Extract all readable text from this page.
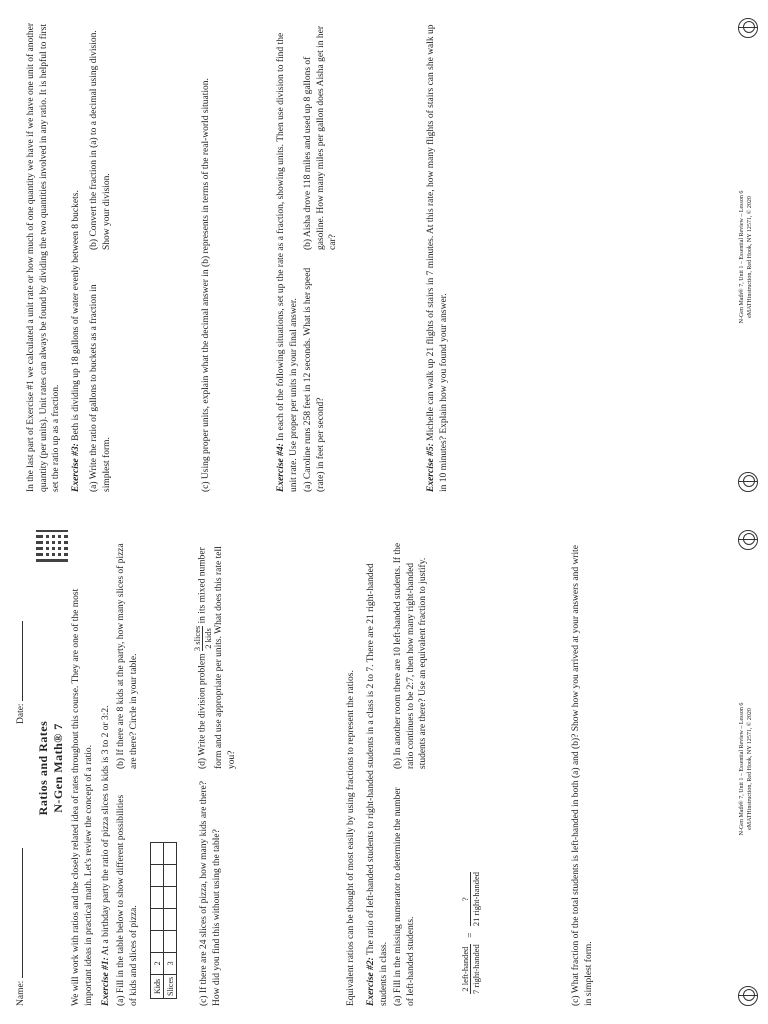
Name:
Date:
Ratios and Rates N-Gen Math® 7 We will work with ratios and the closely related idea of rates throughout this course. They are one of the most important ideas in practical math. Let's review the concept of a ratio. Exercise #1: At a birthday party the ratio of pizza slices to kids is 3 to 2 or 3:2. (a) Fill in the table below to show different possibilities of kids and slices of pizza.
(b) If there are 8 kids at the party, how many slices of pizza are there? Circle in your table.
Kids	2					
Slices	3						(c) If there are 24 slices of pizza, how many kids are there? How did you find this without using the table?
(d) Write the division problem
3 slices 2 kids
in its mixed number form and use appropriate per units. What does this rate tell you?	Equivalent ratios can be thought of most easily by using fractions to represent the ratios. Exercise #2: The ratio of left-handed students to right-handed students in a class is 2 to 7. There are 21 right-handed students in class. (a) Fill in the missing numerator to determine the number of left-handed students.
(b) In another room there are 10 left-handed students. If the ratio continues to be 2:7, then how many right-handed students are there? Use an equivalent fraction to justify.
2 left-handed 7 right-handed
=
? 21 right-handed	(c) What fraction of the total students is left-handed in both (a) and (b)? Show how you arrived at your answers and write in simplest form.
N-Gen Math® 7, Unit 1 – Essential Review – Lesson 6 eMATHinstruction, Red Hook, NY 12571, © 2020
In the last part of Exercise #1 we calculated a unit rate or how much of one quantity we have if we have one unit of another quantity (per units). Unit rates can always be found by dividing the two quantities involved in any ratio. It is helpful to first set the ratio up as a fraction. Exercise #3: Beth is dividing up 18 gallons of water evenly between 8 buckets. (a) Write the ratio of gallons to buckets as a fraction in simplest form.
(b) Convert the fraction in (a) to a decimal using division. Show your division.	(c) Using proper units, explain what the decimal answer in (b) represents in terms of the real-world situation.	Exercise #4: In each of the following situations, set up the rate as a fraction, showing units. Then use division to find the unit rate. Use proper per units in your final answer. (a) Caroline runs 258 feet in 12 seconds. What is her speed (rate) in feet per second?
(b) Aisha drove 118 miles and used up 8 gallons of gasoline. How many miles per gallon does Aisha get in her car?
Exercise #5: Michelle can walk up 21 flights of stairs in 7 minutes. At this rate, how many flights of stairs can she walk up in 10 minutes? Explain how you found your answer.
N-Gen Math® 7, Unit 1 – Essential Review – Lesson 6 eMATHinstruction, Red Hook, NY 12571, © 2020
